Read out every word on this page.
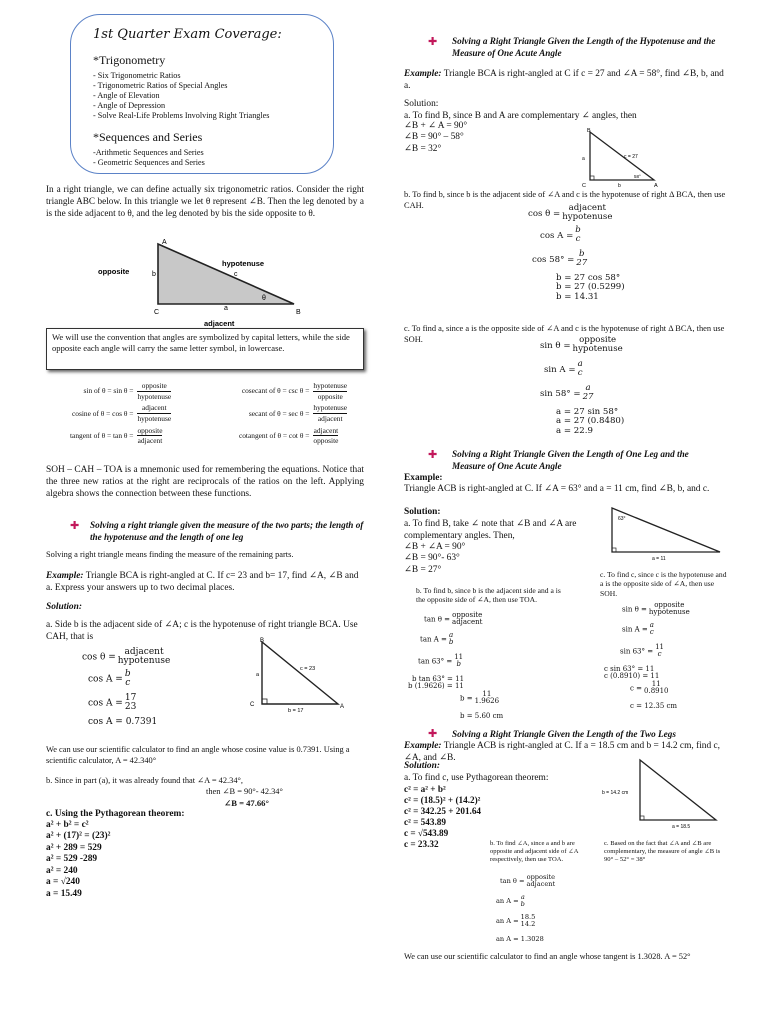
1st Quarter Exam Coverage:
*Trigonometry
- Six Trigonometric Ratios
- Trigonometric Ratios of Special Angles
- Angle of Elevation
- Angle of Depression
- Solve Real-Life Problems Involving Right Triangles
*Sequences and Series
-Arithmetic Sequences and Series
- Geometric Sequences and Series
In a right triangle, we can define actually six trigonometric ratios. Consider the right triangle ABC below. In this triangle we let θ represent ∠B. Then the leg denoted by a is the side adjacent to θ, and the leg denoted by bis the side opposite to θ.
A
C	B
b	c
a
θ
hypotenuse
opposite
adjacent
We will use the convention that angles are symbolized by capital letters, while the side opposite each angle will carry the same letter symbol, in lowercase.
sin of θ = sin θ =	$\frac{\text{opposite}}{\text{hypotenuse}}$	cosecant of θ = csc θ =	$\frac{\text{hypotenuse}}{\text{opposite}}$
cosine of θ = cos θ =	$\frac{\text{adjacent}}{\text{hypotenuse}}$	secant of θ = sec θ =	$\frac{\text{hypotenuse}}{\text{adjacent}}$
tangent of θ = tan θ =	$\frac{\text{opposite}}{\text{adjacent}}$	cotangent of θ = cot θ =	$\frac{\text{adjacent}}{\text{opposite}}$
SOH – CAH – TOA is a mnemonic used for remembering the equations. Notice that the three new ratios at the right are reciprocals of the ratios on the left. Applying algebra shows the connection between these functions.
✚ Solving a right triangle given the measure of the two parts; the length of the hypotenuse and the length of one leg
Solving a right triangle means finding the measure of the remaining parts.
Example: Triangle BCA is right-angled at C. If c= 23 and b= 17, find ∠A, ∠B and a. Express your answers up to two decimal places.
Solution:
a. Side b is the adjacent side of ∠A; c is the hypotenuse of right triangle BCA. Use CAH, that is
$\cos \theta = \frac{\text{adjacent}}{\text{hypotenuse}}$
$\cos A = \frac{b}{c}$
$\cos A = \frac{17}{23}$
cos A = 0.7391
B
C	A
a
c = 23
b = 17
We can use our scientific calculator to find an angle whose cosine value is 0.7391. Using a scientific calculator, A = 42.340°
b. Since in part (a), it was already found that ∠A = 42.34°,
then ∠B = 90°- 42.34°
∠B = 47.66°
c. Using the Pythagorean theorem:
a² + b² = c²
a² + (17)² = (23)²
a² + 289 = 529
a² = 529 -289
a² = 240
a = √240
a = 15.49
✚ Solving a Right Triangle Given the Length of the Hypotenuse and the Measure of One Acute Angle
Example: Triangle BCA is right-angled at C if c = 27 and ∠A = 58°, find ∠B, b, and a.
Solution:
a. To find B, since B and A are complementary ∠ angles, then
∠B + ∠ A = 90°
∠B = 90° – 58°
∠B = 32°
B
C	A
a	c = 27
b
58°
b. To find b, since b is the adjacent side of ∠A and c is the hypotenuse of right Δ BCA, then use CAH.
$\cos \theta = \frac{\text{adjacent}}{\text{hypotenuse}}$
$\cos A = \frac{b}{c}$
$\cos 58^\circ = \frac{b}{27}$
b = 27 cos 58°
b = 27 (0.5299)
b = 14.31
c. To find a, since a is the opposite side of ∠A and c is the hypotenuse of right Δ BCA, then use SOH.
$\sin \theta = \frac{\text{opposite}}{\text{hypotenuse}}$
$\sin A = \frac{a}{c}$
$\sin 58^\circ = \frac{a}{27}$
a = 27 sin 58°
a = 27 (0.8480)
a = 22.9
✚ Solving a Right Triangle Given the Length of One Leg and the Measure of One Acute Angle
Example:
Triangle ACB is right-angled at C. If ∠A = 63° and a = 11 cm, find ∠B, b, and c.
Solution:
a. To find B, take ∠ note that ∠B and ∠A are complementary angles. Then,
∠B + ∠A = 90°
∠B = 90°- 63°
∠B = 27°
63°
a = 11
b. To find b, since b is the adjacent side and a is the opposite side of ∠A, then use TOA.
$\tan \theta = \frac{\text{opposite}}{\text{adjacent}}$
$\tan A = \frac{a}{b}$
$\tan 63^\circ = \frac{11}{b}$
b tan 63° = 11
b (1.9626) = 11
$b = \frac{11}{1.9626}$
b = 5.60 cm
c. To find c, since c is the hypotenuse and a is the opposite side of ∠A, then use SOH.
$\sin \theta = \frac{\text{opposite}}{\text{hypotenuse}}$
$\sin A = \frac{a}{c}$
$\sin 63^\circ = \frac{11}{c}$
c sin 63° = 11
c (0.8910) = 11
$c = \frac{11}{0.8910}$
c = 12.35 cm
✚ Solving a Right Triangle Given the Length of the Two Legs
Example: Triangle ACB is right-angled at C. If a = 18.5 cm and b = 14.2 cm, find c, ∠A, and ∠B.
Solution:
a. To find c, use Pythagorean theorem:
c² = a² + b²
c² = (18.5)² + (14.2)²
c² = 342.25 + 201.64
c² = 543.89
c = √543.89
c = 23.32
b = 14.2 cm
a = 18.5
b. To find ∠A, since a and b are opposite and adjacent side of ∠A respectively, then use TOA.
$\tan \theta = \frac{\text{opposite}}{\text{adjacent}}$
an $A = \frac{a}{b}$
an $A = \frac{18.5}{14.2}$
an A = 1.3028
c. Based on the fact that ∠A and ∠B are complementary, the measure of angle ∠B is 90° – 52° = 38°
We can use our scientific calculator to find an angle whose tangent is 1.3028. A = 52°
